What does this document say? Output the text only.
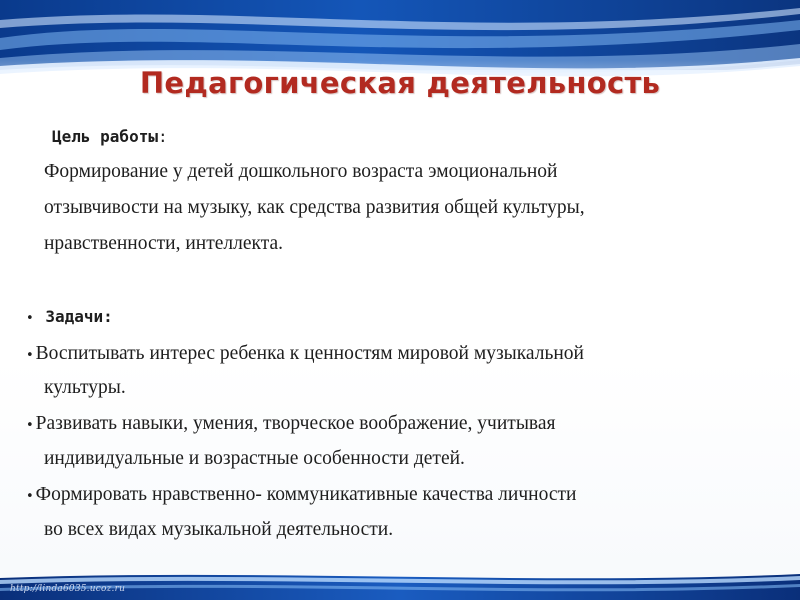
Педагогическая деятельность
Цель работы:
Формирование у детей дошкольного возраста эмоциональной
отзывчивости на музыку, как средства развития общей культуры,
нравственности, интеллекта.
• Задачи:
• Воспитывать интерес ребенка к ценностям мировой музыкальной
культуры.
• Развивать навыки, умения, творческое воображение, учитывая
индивидуальные и возрастные особенности детей.
• Формировать нравственно- коммуникативные качества личности
во всех видах музыкальной деятельности.
http://linda6035.ucoz.ru
